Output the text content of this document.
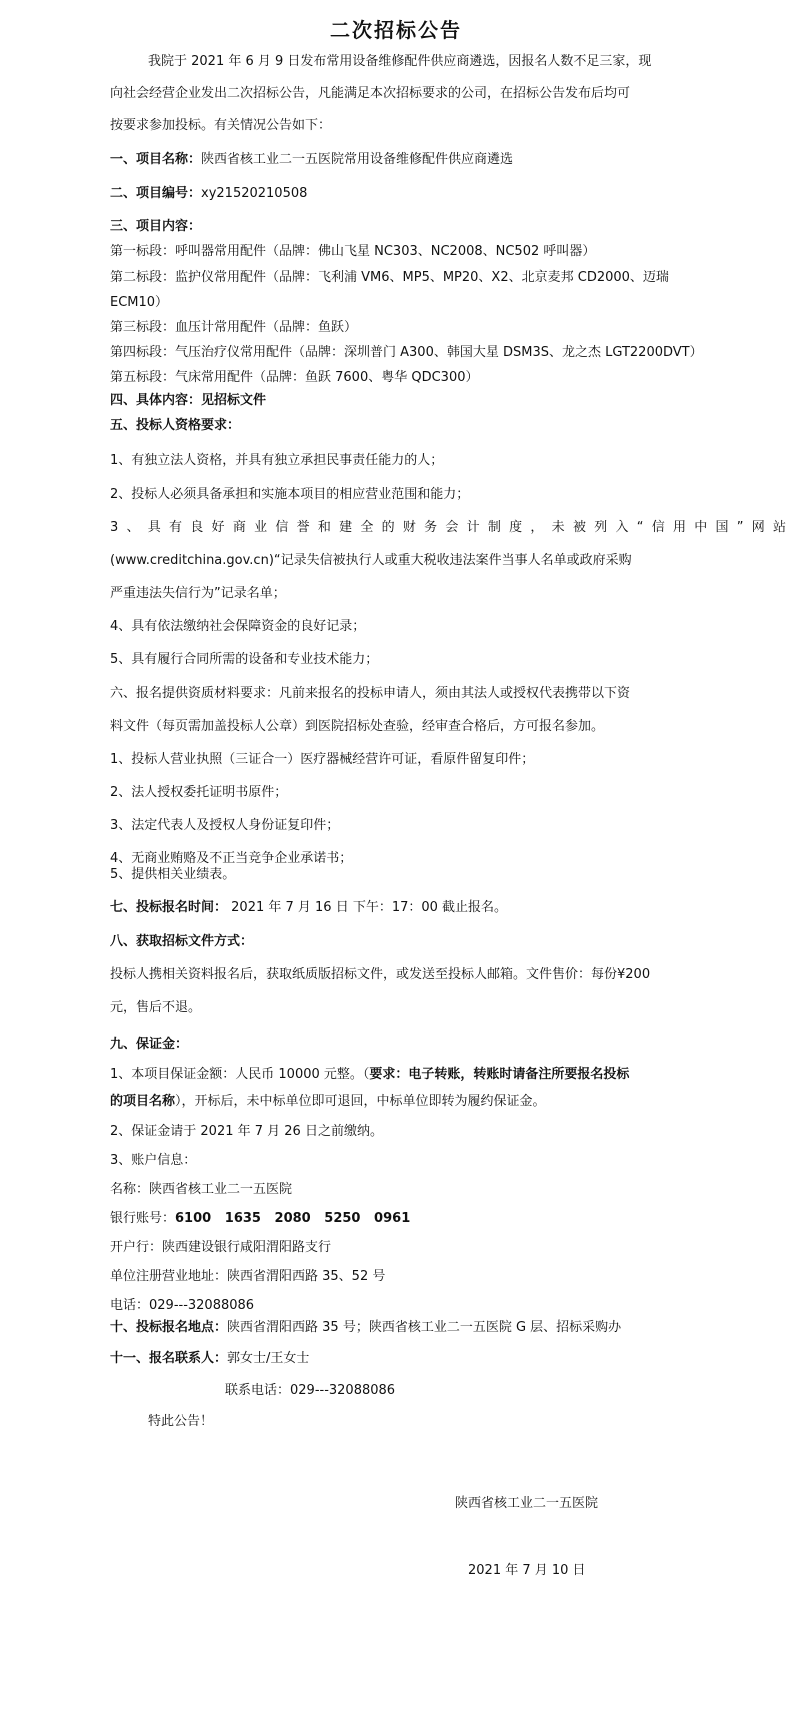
二次招标公告
我院于 2021 年 6 月 9 日发布常用设备维修配件供应商遴选，因报名人数不足三家，现
向社会经营企业发出二次招标公告，凡能满足本次招标要求的公司，在招标公告发布后均可
按要求参加投标。有关情况公告如下：
一、项目名称：陕西省核工业二一五医院常用设备维修配件供应商遴选
二、项目编号：xy21520210508
三、项目内容：
第一标段：呼叫器常用配件（品牌：佛山飞星 NC303、NC2008、NC502 呼叫器）
第二标段：监护仪常用配件（品牌：飞利浦 VM6、MP5、MP20、X2、北京麦邦 CD2000、迈瑞
ECM10）
第三标段：血压计常用配件（品牌：鱼跃）
第四标段：气压治疗仪常用配件（品牌：深圳普门 A300、韩国大星 DSM3S、龙之杰 LGT2200DVT）
第五标段：气床常用配件（品牌：鱼跃 7600、粤华 QDC300）
四、具体内容：见招标文件
五、投标人资格要求：
1、有独立法人资格，并具有独立承担民事责任能力的人；
2、投标人必须具备承担和实施本项目的相应营业范围和能力；
3、具有良好商业信誉和建全的财务会计制度，未被列入“信用中国”网站
(www.creditchina.gov.cn)“记录失信被执行人或重大税收违法案件当事人名单或政府采购
严重违法失信行为”记录名单；
4、具有依法缴纳社会保障资金的良好记录；
5、具有履行合同所需的设备和专业技术能力；
六、报名提供资质材料要求：凡前来报名的投标申请人，须由其法人或授权代表携带以下资
料文件（每页需加盖投标人公章）到医院招标处查验，经审查合格后，方可报名参加。
1、投标人营业执照（三证合一）医疗器械经营许可证，看原件留复印件；
2、法人授权委托证明书原件；
3、法定代表人及授权人身份证复印件；
4、无商业贿赂及不正当竞争企业承诺书；
5、提供相关业绩表。
七、投标报名时间： 2021 年 7 月 16 日 下午：17：00 截止报名。
八、获取招标文件方式：
投标人携相关资料报名后，获取纸质版招标文件，或发送至投标人邮箱。文件售价：每份¥200
元，售后不退。
九、保证金：
1、本项目保证金额：人民币 10000 元整。（要求：电子转账，转账时请备注所要报名投标
的项目名称），开标后，未中标单位即可退回，中标单位即转为履约保证金。
2、保证金请于 2021 年 7 月 26 日之前缴纳。
3、账户信息：
名称：陕西省核工业二一五医院
银行账号：6100   1635   2080   5250   0961
开户行：陕西建设银行咸阳渭阳路支行
单位注册营业地址：陕西省渭阳西路 35、52 号
电话：029---32088086
十、投标报名地点：陕西省渭阳西路 35 号；陕西省核工业二一五医院 G 层、招标采购办
十一、报名联系人：郭女士/王女士
联系电话：029---32088086
特此公告！
陕西省核工业二一五医院
2021 年 7 月 10 日
